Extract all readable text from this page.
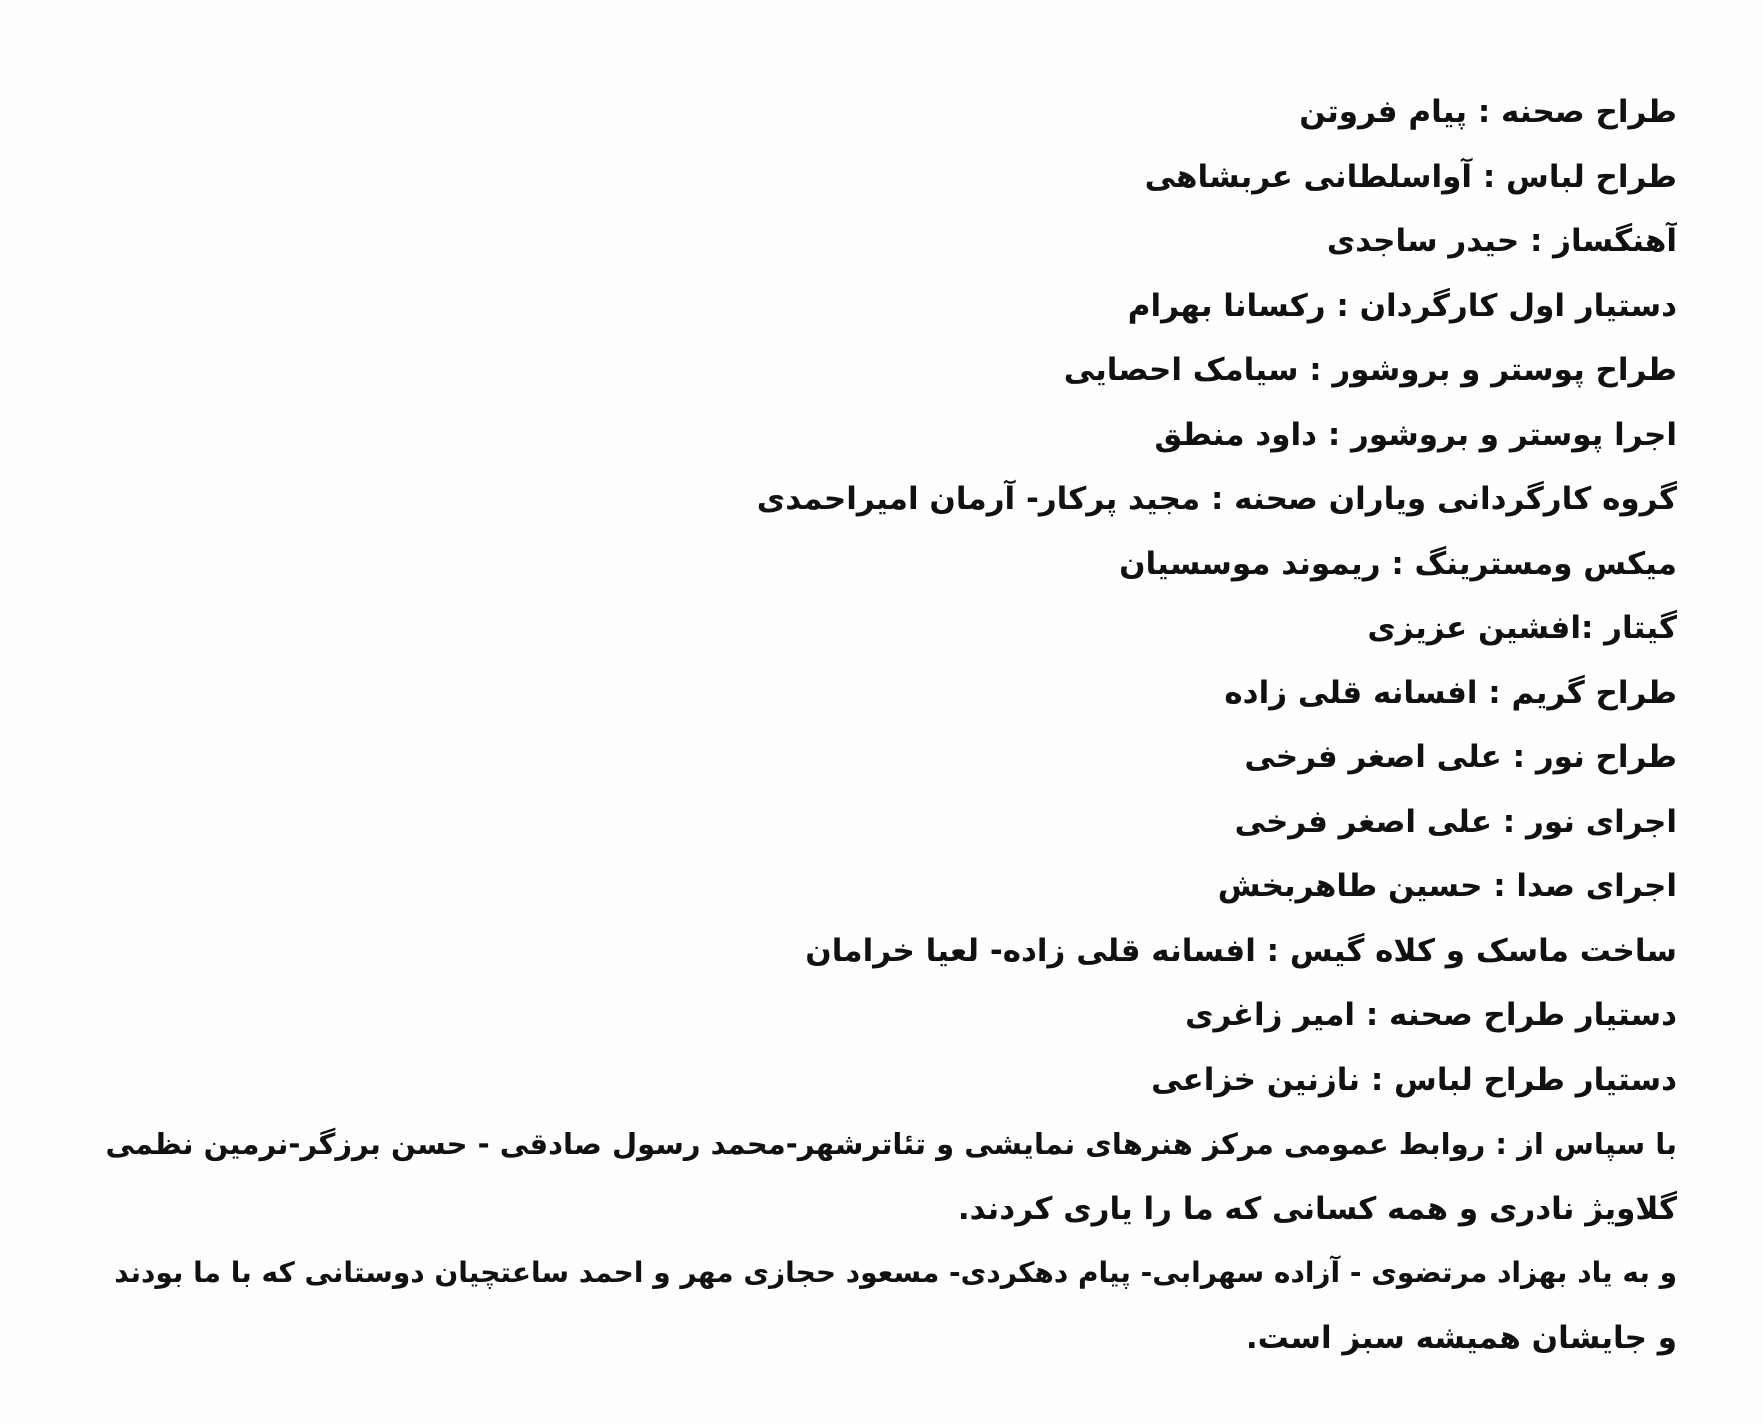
طراح صحنه : پیام فروتن
طراح لباس : آواسلطانی عربشاهی
آهنگساز : حیدر ساجدی
دستیار اول کارگردان : رکسانا بهرام
طراح پوستر و بروشور : سیامک احصایی
اجرا پوستر و بروشور : داود منطق
گروه کارگردانی ویاران صحنه : مجید پرکار- آرمان امیراحمدی
میکس ومسترینگ : ریموند موسسیان
گیتار :افشین عزیزی
طراح گریم : افسانه قلی زاده
طراح نور : علی اصغر فرخی
اجرای نور : علی اصغر فرخی
اجرای صدا : حسین طاهربخش
ساخت ماسک و کلاه گیس : افسانه قلی زاده- لعیا خرامان
دستیار طراح صحنه : امیر زاغری
دستیار طراح لباس : نازنین خزاعی
با سپاس از : روابط عمومی مرکز هنرهای نمایشی و تئاترشهر-محمد رسول صادقی - حسن برزگر-نرمین نظمی
گلاویژ نادری و همه کسانی که ما را یاری کردند.
و به یاد بهزاد مرتضوی - آزاده سهرابی- پیام دهکردی- مسعود حجازی مهر و احمد ساعتچیان دوستانی که با ما بودند
و جایشان همیشه سبز است.
